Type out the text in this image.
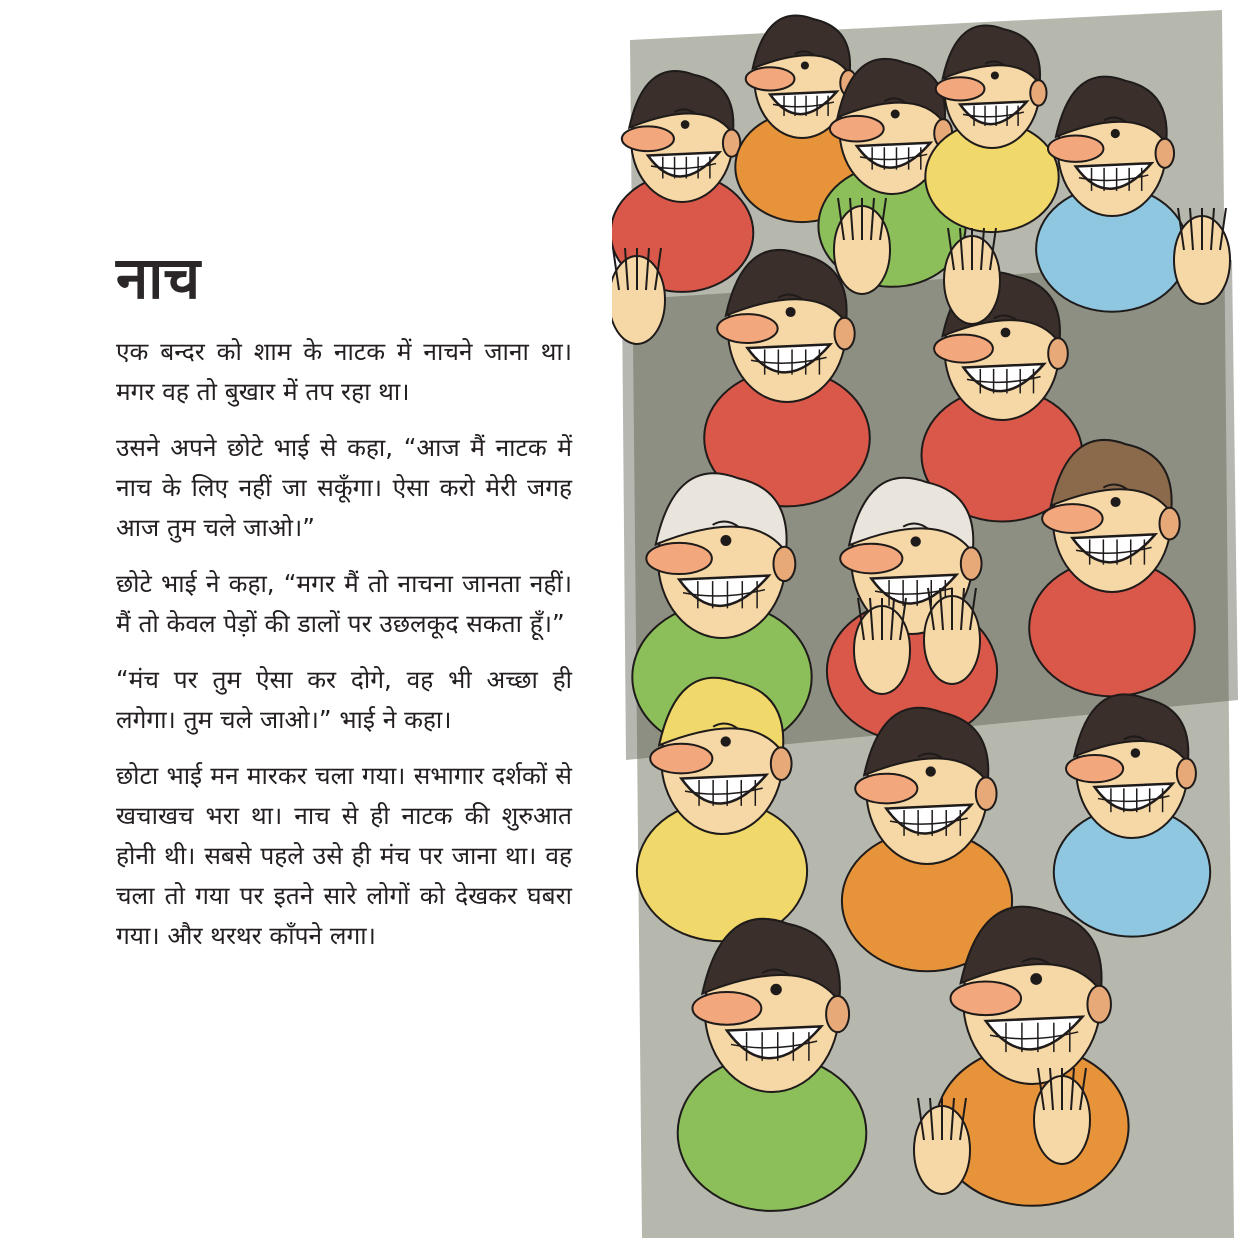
नाच

एक बन्दर को शाम के नाटक में नाचने जाना था। मगर वह तो बुखार में तप रहा था।

उसने अपने छोटे भाई से कहा, “आज मैं नाटक में नाच के लिए नहीं जा सकूँगा। ऐसा करो मेरी जगह आज तुम चले जाओ।”

छोटे भाई ने कहा, “मगर मैं तो नाचना जानता नहीं। मैं तो केवल पेड़ों की डालों पर उछलकूद सकता हूँ।”

“मंच पर तुम ऐसा कर दोगे, वह भी अच्छा ही लगेगा। तुम चले जाओ।” भाई ने कहा।

छोटा भाई मन मारकर चला गया। सभागार दर्शकों से खचाखच भरा था। नाच से ही नाटक की शुरुआत होनी थी। सबसे पहले उसे ही मंच पर जाना था। वह चला तो गया पर इतने सारे लोगों को देखकर घबरा गया। और थरथर काँपने लगा।
